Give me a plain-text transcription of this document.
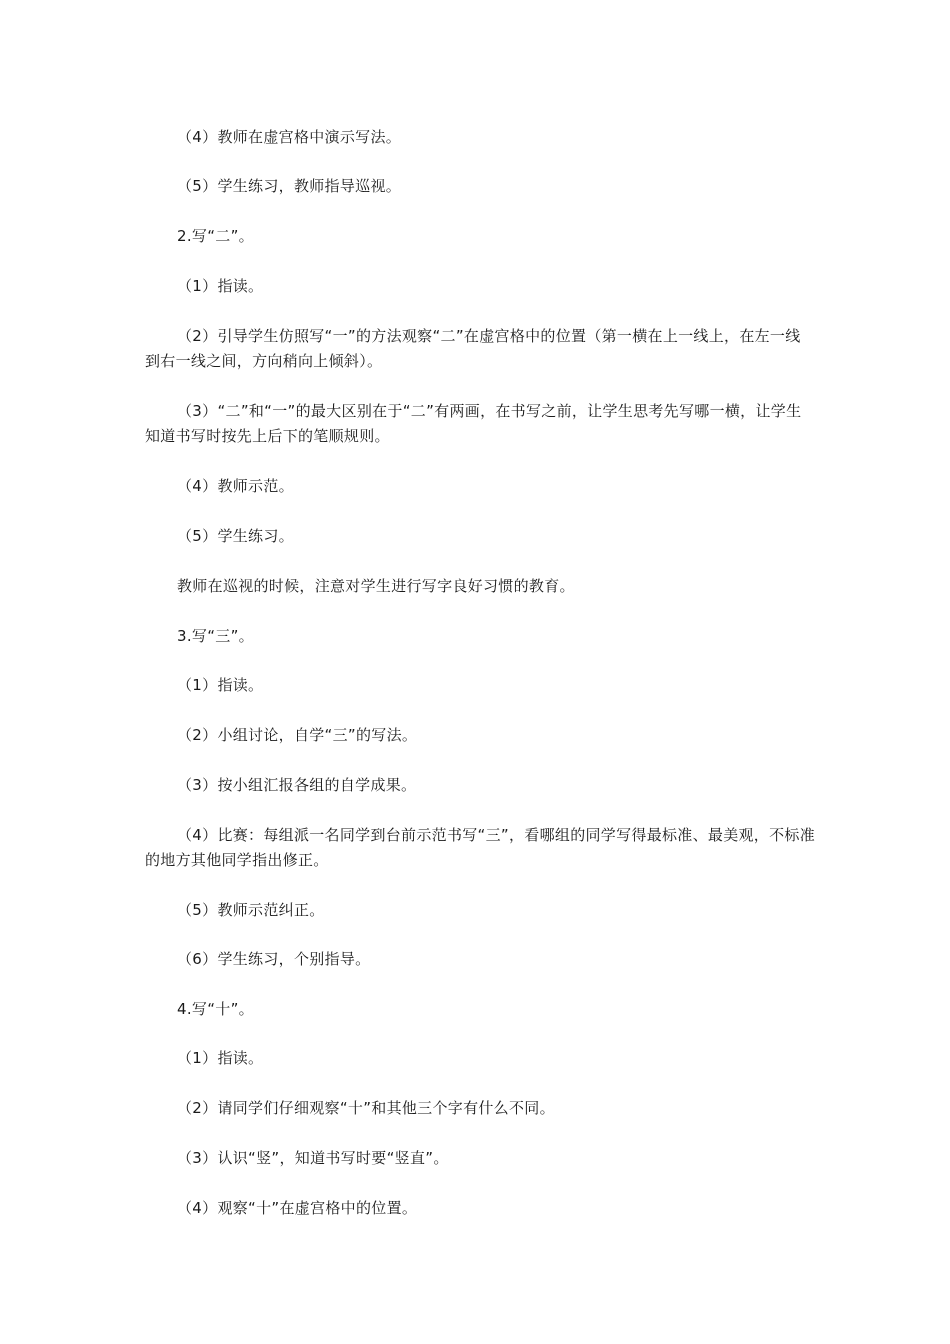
（4）教师在虚宫格中演示写法。

（5）学生练习，教师指导巡视。

2.写“二”。

（1）指读。

（2）引导学生仿照写“一”的方法观察“二”在虚宫格中的位置（第一横在上一线上，在左一线到右一线之间，方向稍向上倾斜）。

（3）“二”和“一”的最大区别在于“二”有两画，在书写之前，让学生思考先写哪一横，让学生知道书写时按先上后下的笔顺规则。

（4）教师示范。

（5）学生练习。

教师在巡视的时候，注意对学生进行写字良好习惯的教育。

3.写“三”。

（1）指读。

（2）小组讨论，自学“三”的写法。

（3）按小组汇报各组的自学成果。

（4）比赛：每组派一名同学到台前示范书写“三”，看哪组的同学写得最标准、最美观，不标准的地方其他同学指出修正。

（5）教师示范纠正。

（6）学生练习，个别指导。

4.写“十”。

（1）指读。

（2）请同学们仔细观察“十”和其他三个字有什么不同。

（3）认识“竖”，知道书写时要“竖直”。

（4）观察“十”在虚宫格中的位置。
